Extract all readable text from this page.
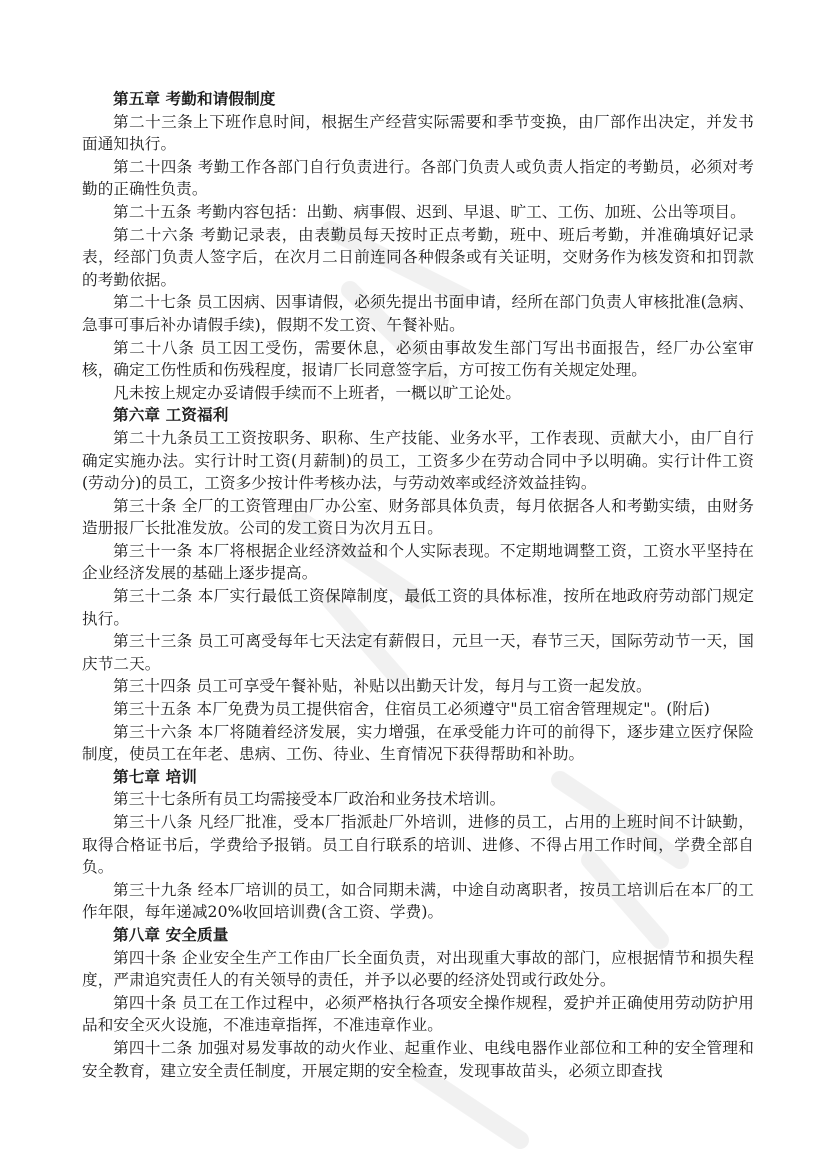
第五章 考勤和请假制度

第二十三条上下班作息时间，根据生产经营实际需要和季节变换，由厂部作出决定，并发书面通知执行。

第二十四条 考勤工作各部门自行负责进行。各部门负责人或负责人指定的考勤员，必须对考勤的正确性负责。

第二十五条 考勤内容包括：出勤、病事假、迟到、早退、旷工、工伤、加班、公出等项目。

第二十六条 考勤记录表，由表勤员每天按时正点考勤，班中、班后考勤，并准确填好记录表，经部门负责人签字后，在次月二日前连同各种假条或有关证明，交财务作为核发资和扣罚款的考勤依据。

第二十七条 员工因病、因事请假，必须先提出书面申请，经所在部门负责人审核批准(急病、急事可事后补办请假手续)，假期不发工资、午餐补贴。

第二十八条 员工因工受伤，需要休息，必须由事故发生部门写出书面报告，经厂办公室审核，确定工伤性质和伤残程度，报请厂长同意签字后，方可按工伤有关规定处理。

凡未按上规定办妥请假手续而不上班者，一概以旷工论处。

第六章 工资福利

第二十九条员工工资按职务、职称、生产技能、业务水平，工作表现、贡献大小，由厂自行确定实施办法。实行计时工资(月薪制)的员工，工资多少在劳动合同中予以明确。实行计件工资(劳动分)的员工，工资多少按计件考核办法，与劳动效率或经济效益挂钩。

第三十条 全厂的工资管理由厂办公室、财务部具体负责，每月依据各人和考勤实绩，由财务造册报厂长批准发放。公司的发工资日为次月五日。

第三十一条 本厂将根据企业经济效益和个人实际表现。不定期地调整工资，工资水平坚持在企业经济发展的基础上逐步提高。

第三十二条 本厂实行最低工资保障制度，最低工资的具体标准，按所在地政府劳动部门规定执行。

第三十三条 员工可离受每年七天法定有薪假日，元旦一天，春节三天，国际劳动节一天，国庆节二天。

第三十四条 员工可享受午餐补贴，补贴以出勤天计发，每月与工资一起发放。

第三十五条 本厂免费为员工提供宿舍，住宿员工必须遵守"员工宿舍管理规定"。(附后)

第三十六条 本厂将随着经济发展，实力增强，在承受能力许可的前得下，逐步建立医疗保险制度，使员工在年老、患病、工伤、待业、生育情况下获得帮助和补助。

第七章 培训

第三十七条所有员工均需接受本厂政治和业务技术培训。

第三十八条 凡经厂批准，受本厂指派赴厂外培训，进修的员工，占用的上班时间不计缺勤，取得合格证书后，学费给予报销。员工自行联系的培训、进修、不得占用工作时间，学费全部自负。

第三十九条 经本厂培训的员工，如合同期未满，中途自动离职者，按员工培训后在本厂的工作年限，每年递减20%收回培训费(含工资、学费)。

第八章 安全质量

第四十条 企业安全生产工作由厂长全面负责，对出现重大事故的部门，应根据情节和损失程度，严肃追究责任人的有关领导的责任，并予以必要的经济处罚或行政处分。

第四十条 员工在工作过程中，必须严格执行各项安全操作规程，爱护并正确使用劳动防护用品和安全灭火设施，不准违章指挥，不准违章作业。

第四十二条 加强对易发事故的动火作业、起重作业、电线电器作业部位和工种的安全管理和安全教育，建立安全责任制度，开展定期的安全检查，发现事故苗头，必须立即查找
